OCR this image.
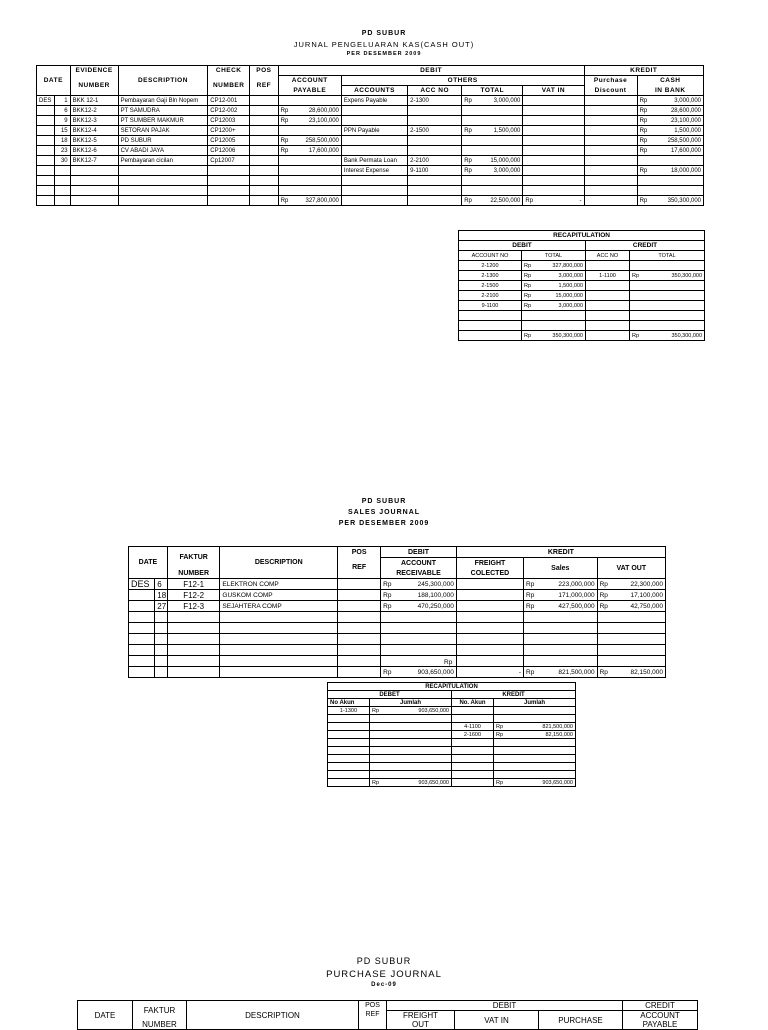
PD SUBUR
JURNAL PENGELUARAN KAS(CASH OUT)
PER DESEMBER 2009
DATE		EVIDENCE	DESCRIPTION	CHECK	POS	DEBIT								KREDIT		
		NUMBER		NUMBER	REF	ACCOUNT		OTHERS						Purchase	CASH	
						PAYABLE		ACCOUNTS	ACC NO	TOTAL		VAT IN		Discount	IN BANK	
DES	1	BKK 12-1	Pembayaran Gaji Bln Nopem	CP12-001				Expens Payable	2-1300	Rp	3,000,000				Rp	3,000,000
	6	BKK12-2	PT SAMUDRA	CP12-002		Rp	28,600,000								Rp	28,600,000
	9	BKK12-3	PT SUMBER MAKMUR	CP12003		Rp	23,100,000								Rp	23,100,000
	15	BKK12-4	SETORAN PAJAK	CP1200+				PPN Payable	2-1500	Rp	1,500,000				Rp	1,500,000
	18	BKK12-5	PD SUBUR	CP12005		Rp	258,500,000								Rp	258,500,000
	23	BKK12-6	CV ABADI JAYA	CP12006		Rp	17,600,000								Rp	17,600,000
	30	BKK12-7	Pembayaran cicilan	Cp12007				Bank Permata Loan	2-2100	Rp	15,000,000					
								Interest Expense	9-1100	Rp	3,000,000				Rp	18,000,000

						Rp	327,800,000			Rp	22,500,000	Rp	-		Rp	350,300,000
RECAPITULATION					
DEBIT			CREDIT		
ACCOUNT NO	TOTAL		ACC NO	TOTAL	
2-1200	Rp	327,800,000			
2-1300	Rp	3,000,000	1-1100	Rp	350,300,000
2-1500	Rp	1,500,000			
2-2100	Rp	15,000,000			
9-1100	Rp	3,000,000			

	Rp	350,300,000		Rp	350,300,000
PD SUBUR
SALES JOURNAL
PER DESEMBER 2009
DATE		FAKTUR	DESCRIPTION	POS	DEBIT		KREDIT				
				REF	ACCOUNT		FREIGHT	Sales		VAT OUT	
		NUMBER			RECEIVABLE		COLECTED				
DES	6	F12-1	ELEKTRON COMP		Rp	245,300,000		Rp	223,000,000	Rp	22,300,000
	18	F12-2	GUSKOM COMP		Rp	188,100,000		Rp	171,000,000	Rp	17,100,000
	27	F12-3	SEJAHTERA COMP		Rp	470,250,000		Rp	427,500,000	Rp	42,750,000

					Rp	903,650,000	-	Rp	821,500,000	Rp	82,150,000
Rp
RECAPITULATION					
DEBET			KREDIT		
No Akun	Jumlah		No. Akun	Jumlah	
1-1300	Rp	903,650,000			

			4-1100	Rp	821,500,000
			2-1600	Rp	82,150,000

	Rp	903,650,000		Rp	903,650,000
PD SUBUR
PURCHASE JOURNAL
Dec-09
DATE	FAKTUR	DESCRIPTION	POS	DEBIT			CREDIT
			REF	FREIGHT	VAT IN	PURCHASE	ACCOUNT
	NUMBER			OUT			PAYABLE
